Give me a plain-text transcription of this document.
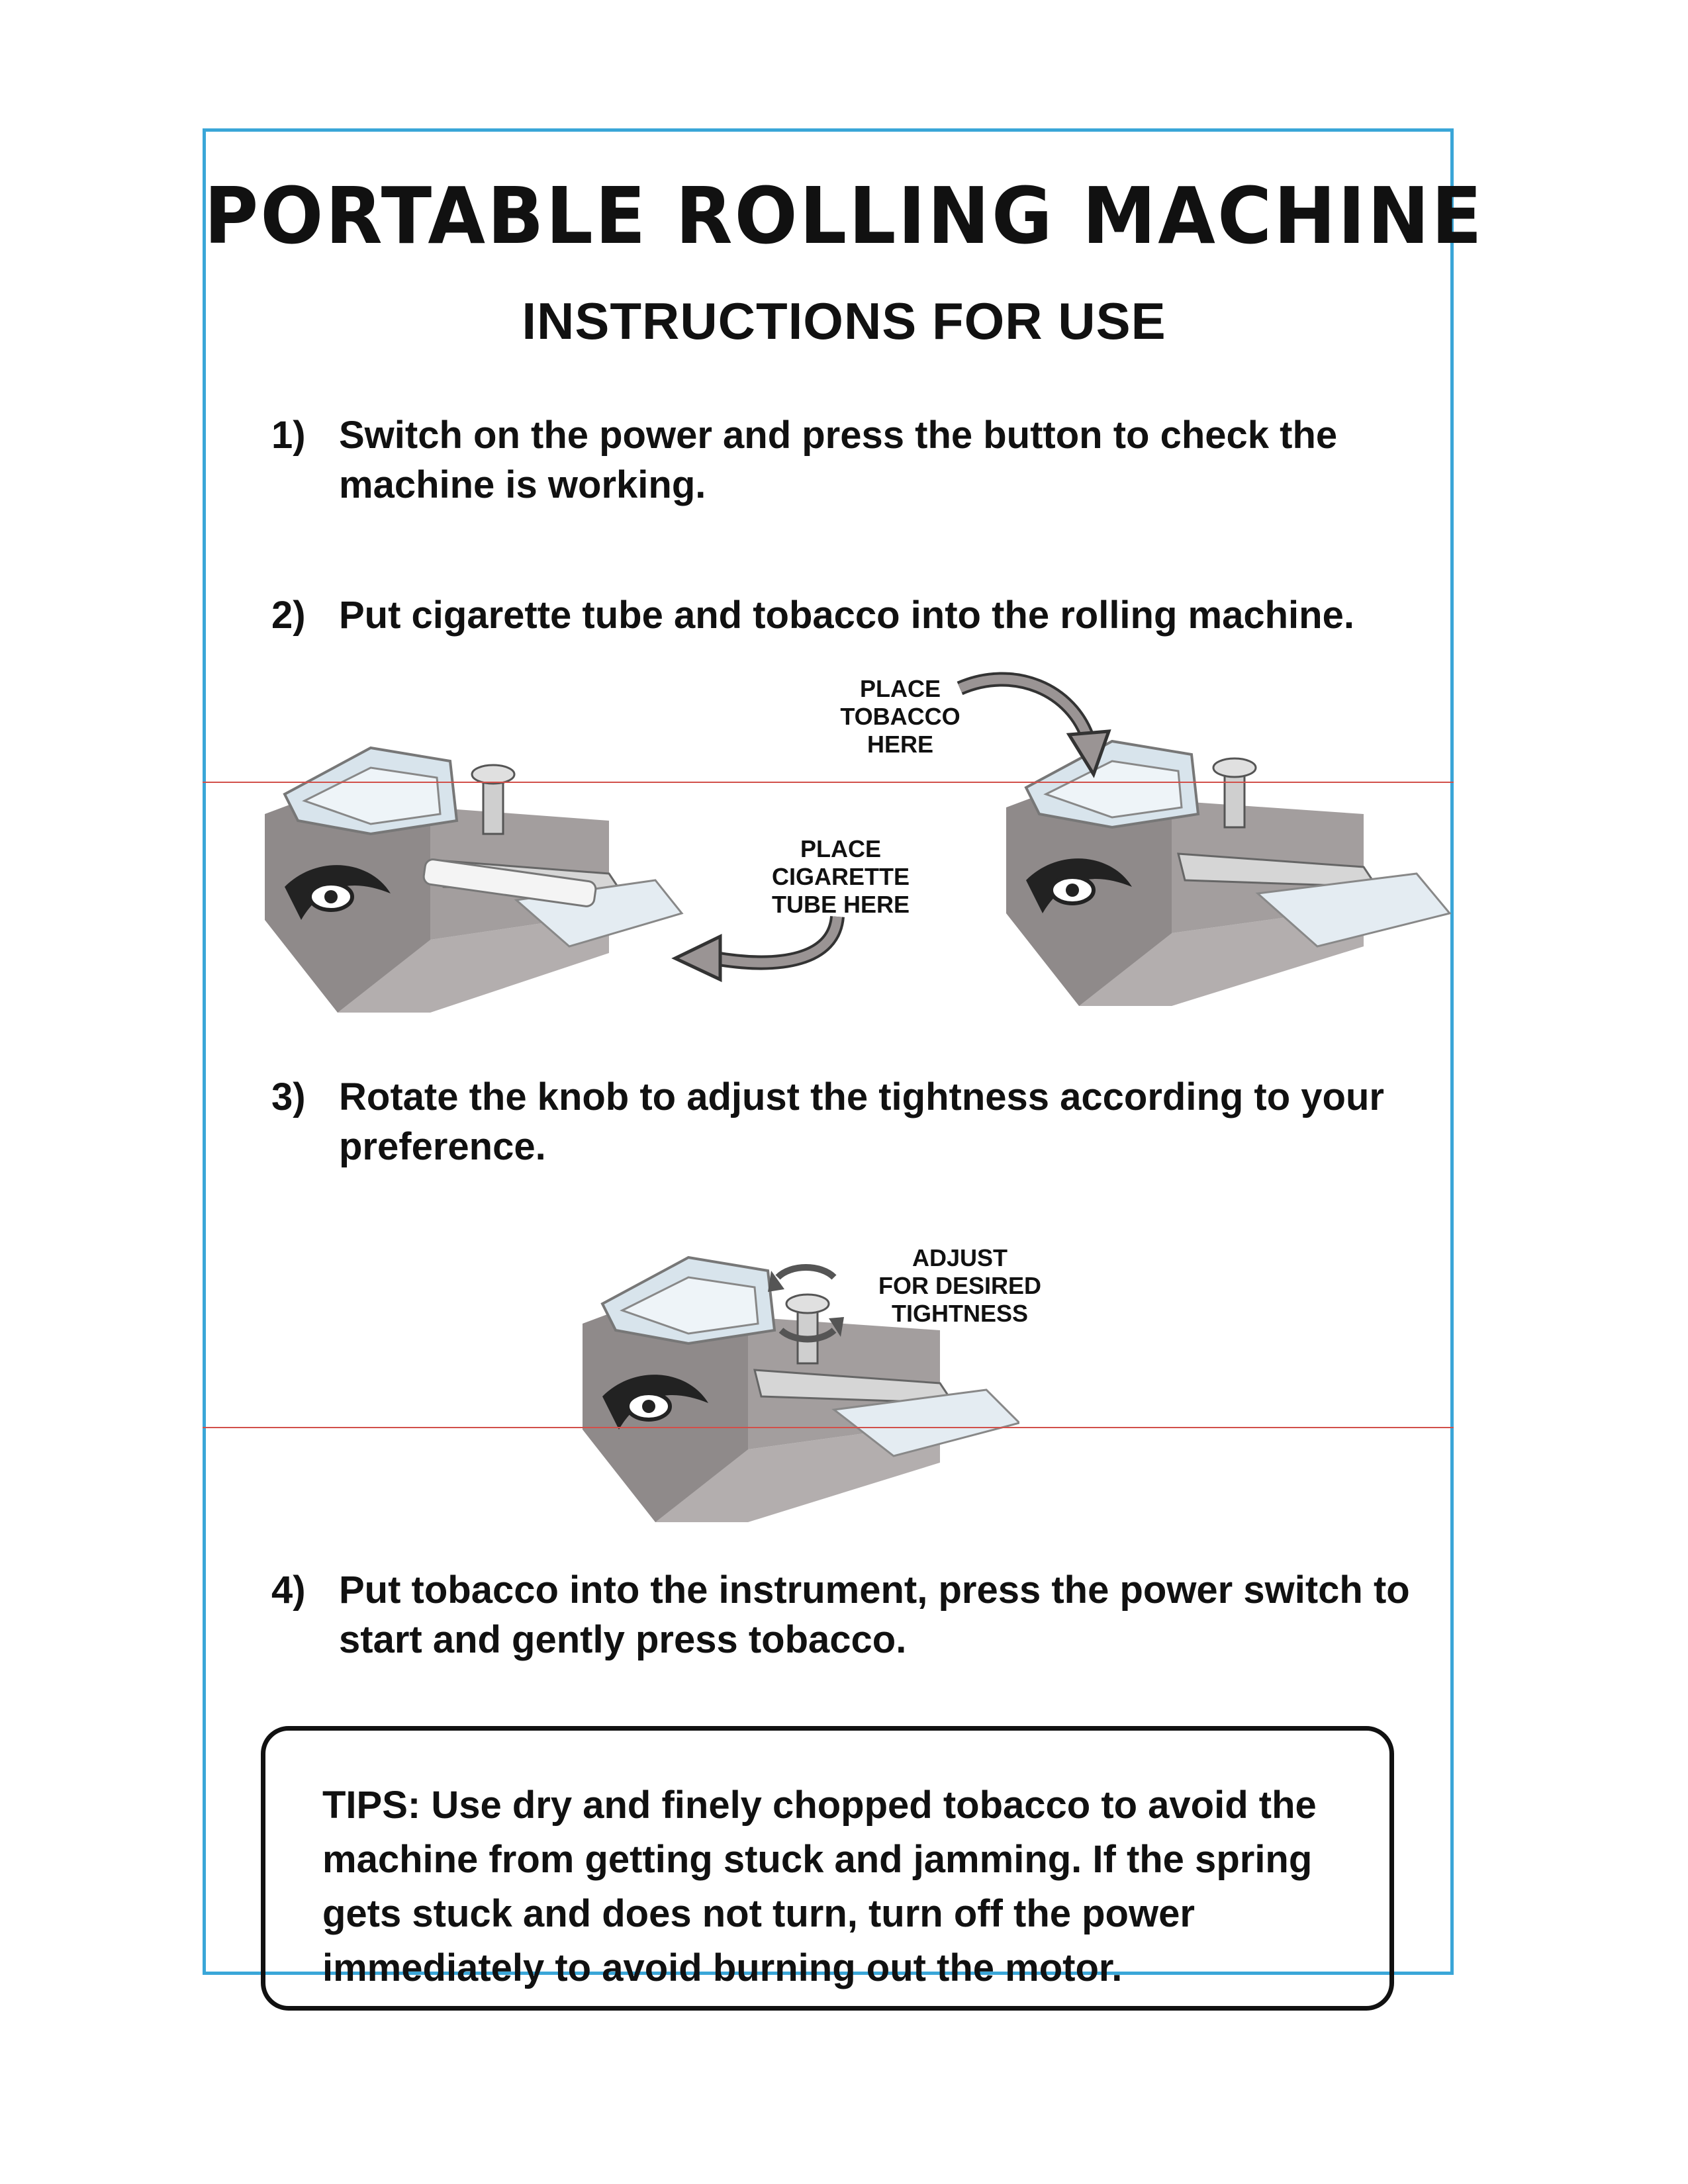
PORTABLE ROLLING MACHINE
INSTRUCTIONS FOR USE
1) Switch on the power and press the button to check the machine is working.
2) Put cigarette tube and tobacco into the rolling machine.
PLACE
TOBACCO
HERE
PLACE
CIGARETTE
TUBE HERE
3) Rotate the knob to adjust the tightness according to your preference.
ADJUST
FOR DESIRED
TIGHTNESS
4) Put tobacco into the instrument, press the power switch to start and gently press tobacco.
TIPS: Use dry and finely chopped tobacco to avoid the machine from getting stuck and jamming. If the spring gets stuck and does not turn, turn off the power immediately to avoid burning out the motor.
